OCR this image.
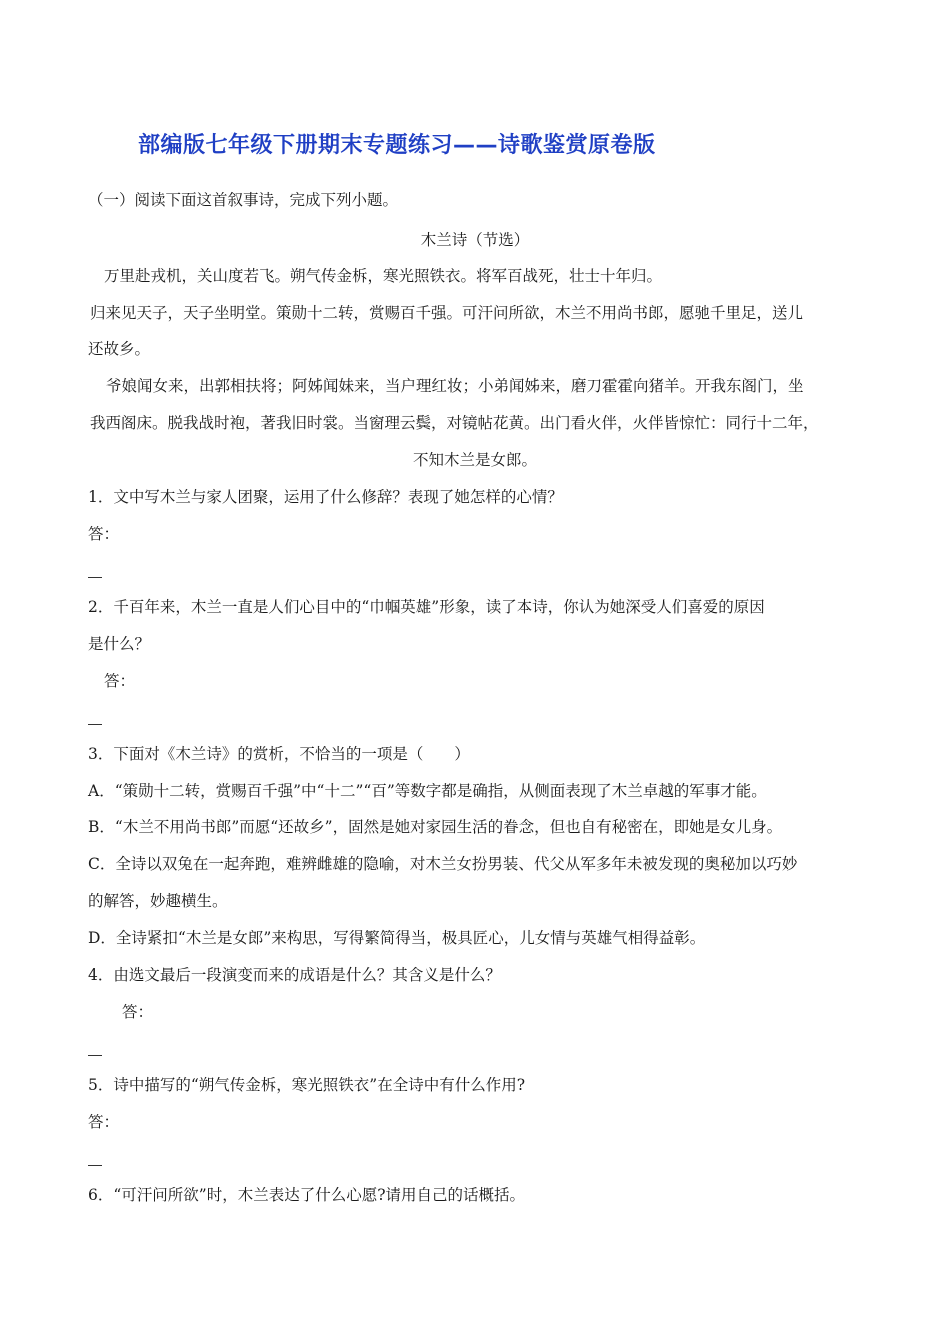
部编版七年级下册期末专题练习——诗歌鉴赏原卷版
（一）阅读下面这首叙事诗，完成下列小题。
木兰诗（节选）
万里赴戎机，关山度若飞。朔气传金柝，寒光照铁衣。将军百战死，壮士十年归。
归来见天子，天子坐明堂。策勋十二转，赏赐百千强。可汗问所欲，木兰不用尚书郎，愿驰千里足，送儿
还故乡。
爷娘闻女来，出郭相扶将；阿姊闻妹来，当户理红妆；小弟闻姊来，磨刀霍霍向猪羊。开我东阁门，坐
我西阁床。脱我战时袍，著我旧时裳。当窗理云鬓，对镜帖花黄。出门看火伴，火伴皆惊忙：同行十二年，
不知木兰是女郎。
1．文中写木兰与家人团聚，运用了什么修辞？表现了她怎样的心情？
答：
2．千百年来，木兰一直是人们心目中的“巾帼英雄”形象，读了本诗，你认为她深受人们喜爱的原因
是什么？
答：
3．下面对《木兰诗》的赏析，不恰当的一项是（　　）
A．“策勋十二转，赏赐百千强”中“十二”“百”等数字都是确指，从侧面表现了木兰卓越的军事才能。
B．“木兰不用尚书郎”而愿“还故乡”，固然是她对家园生活的眷念，但也自有秘密在，即她是女儿身。
C．全诗以双兔在一起奔跑，难辨雌雄的隐喻，对木兰女扮男装、代父从军多年未被发现的奥秘加以巧妙
的解答，妙趣横生。
D．全诗紧扣“木兰是女郎”来构思，写得繁简得当，极具匠心，儿女情与英雄气相得益彰。
4．由选文最后一段演变而来的成语是什么？其含义是什么？
答：
5．诗中描写的“朔气传金柝，寒光照铁衣”在全诗中有什么作用?
答：
6．“可汗问所欲”时，木兰表达了什么心愿?请用自己的话概括。
